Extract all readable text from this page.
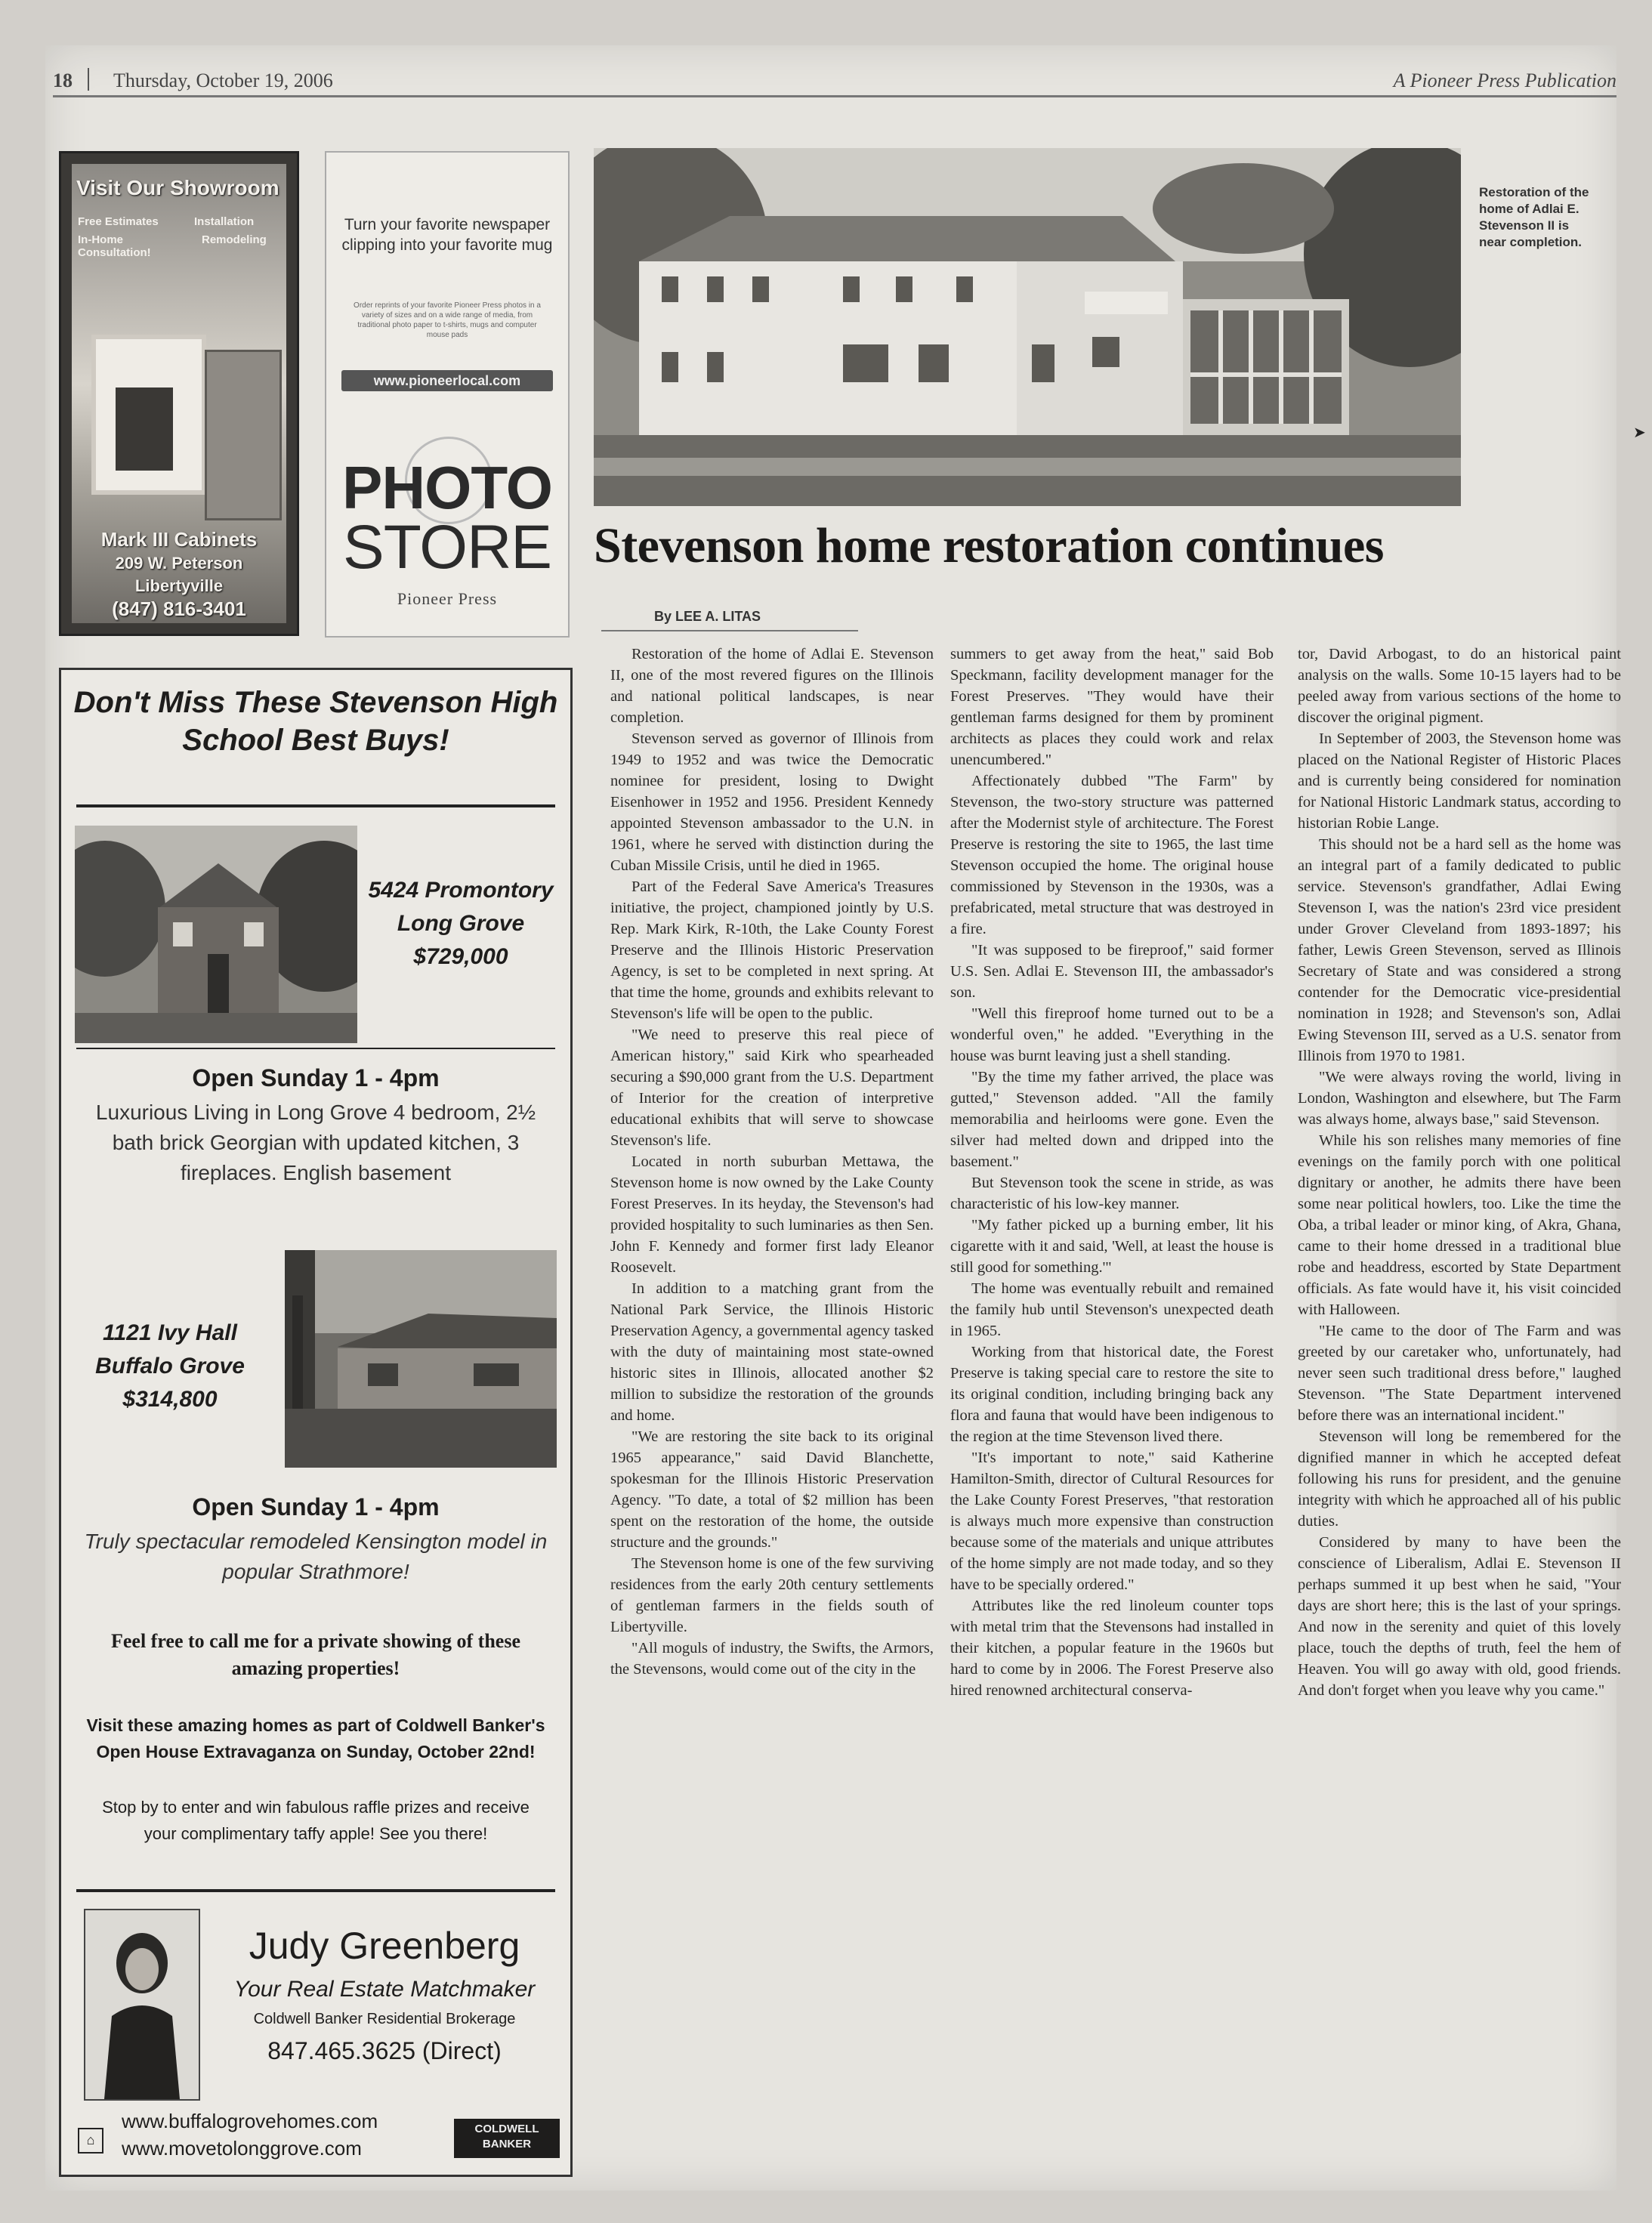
18 Thursday, October 19, 2006	A Pioneer Press Publication
Visit Our Showroom
Free Estimates	Installation
In-Home Consultation!
Remodeling
Mark III Cabinets
209 W. Peterson
Libertyville
(847) 816-3401
Turn your favorite newspaper clipping into your favorite mug
Order reprints of your favorite Pioneer Press photos in a variety of sizes and on a wide range of media, from traditional photo paper to t-shirts, mugs and computer mouse pads
www.pioneerlocal.com
PHOTO
STORE
Pioneer Press
Don't Miss These Stevenson High School Best Buys!
5424 Promontory
Long Grove
$729,000
Open Sunday 1 - 4pm
Luxurious Living in Long Grove 4 bedroom, 2½ bath brick Georgian with updated kitchen, 3 fireplaces. English basement
1121 Ivy Hall
Buffalo Grove
$314,800
Open Sunday 1 - 4pm
Truly spectacular remodeled Kensington model in popular Strathmore!
Feel free to call me for a private showing of these amazing properties!
Visit these amazing homes as part of Coldwell Banker's Open House Extravaganza on Sunday, October 22nd!
Stop by to enter and win fabulous raffle prizes and receive your complimentary taffy apple! See you there!
Judy Greenberg
Your Real Estate Matchmaker
Coldwell Banker Residential Brokerage
847.465.3625 (Direct)
www.buffalogrovehomes.com
www.movetolonggrove.com
⌂
COLDWELL BANKER
Restoration of the home of Adlai E. Stevenson II is near completion.
➤
Stevenson home restoration continues
By LEE A. LITAS

Restoration of the home of Adlai E. Stevenson II, one of the most revered figures on the Illinois and national political landscapes, is near completion.

Stevenson served as governor of Illinois from 1949 to 1952 and was twice the Democratic nominee for president, losing to Dwight Eisenhower in 1952 and 1956. President Kennedy appointed Stevenson ambassador to the U.N. in 1961, where he served with distinction during the Cuban Missile Crisis, until he died in 1965.

Part of the Federal Save America's Treasures initiative, the project, championed jointly by U.S. Rep. Mark Kirk, R-10th, the Lake County Forest Preserve and the Illinois Historic Preservation Agency, is set to be completed in next spring. At that time the home, grounds and exhibits relevant to Stevenson's life will be open to the public.

"We need to preserve this real piece of American history," said Kirk who spearheaded securing a $90,000 grant from the U.S. Department of Interior for the creation of interpretive educational exhibits that will serve to showcase Stevenson's life.

Located in north suburban Mettawa, the Stevenson home is now owned by the Lake County Forest Preserves. In its heyday, the Stevenson's had provided hospitality to such luminaries as then Sen. John F. Kennedy and former first lady Eleanor Roosevelt.

In addition to a matching grant from the National Park Service, the Illinois Historic Preservation Agency, a governmental agency tasked with the duty of maintaining most state-owned historic sites in Illinois, allocated another $2 million to subsidize the restoration of the grounds and home.

"We are restoring the site back to its original 1965 appearance," said David Blanchette, spokesman for the Illinois Historic Preservation Agency. "To date, a total of $2 million has been spent on the restoration of the home, the outside structure and the grounds."

The Stevenson home is one of the few surviving residences from the early 20th century settlements of gentleman farmers in the fields south of Libertyville.

"All moguls of industry, the Swifts, the Armors, the Stevensons, would come out of the city in the

summers to get away from the heat," said Bob Speckmann, facility development manager for the Forest Preserves. "They would have their gentleman farms designed for them by prominent architects as places they could work and relax unencumbered."

Affectionately dubbed "The Farm" by Stevenson, the two-story structure was patterned after the Modernist style of architecture. The Forest Preserve is restoring the site to 1965, the last time Stevenson occupied the home. The original house commissioned by Stevenson in the 1930s, was a prefabricated, metal structure that was destroyed in a fire.

"It was supposed to be fireproof," said former U.S. Sen. Adlai E. Stevenson III, the ambassador's son.

"Well this fireproof home turned out to be a wonderful oven," he added. "Everything in the house was burnt leaving just a shell standing.

"By the time my father arrived, the place was gutted," Stevenson added. "All the family memorabilia and heirlooms were gone. Even the silver had melted down and dripped into the basement."

But Stevenson took the scene in stride, as was characteristic of his low-key manner.

"My father picked up a burning ember, lit his cigarette with it and said, 'Well, at least the house is still good for something.'"

The home was eventually rebuilt and remained the family hub until Stevenson's unexpected death in 1965.

Working from that historical date, the Forest Preserve is taking special care to restore the site to its original condition, including bringing back any flora and fauna that would have been indigenous to the region at the time Stevenson lived there.

"It's important to note," said Katherine Hamilton-Smith, director of Cultural Resources for the Lake County Forest Preserves, "that restoration is always much more expensive than construction because some of the materials and unique attributes of the home simply are not made today, and so they have to be specially ordered."

Attributes like the red linoleum counter tops with metal trim that the Stevensons had installed in their kitchen, a popular feature in the 1960s but hard to come by in 2006. The Forest Preserve also hired renowned architectural conserva-

tor, David Arbogast, to do an historical paint analysis on the walls. Some 10-15 layers had to be peeled away from various sections of the home to discover the original pigment.

In September of 2003, the Stevenson home was placed on the National Register of Historic Places and is currently being considered for nomination for National Historic Landmark status, according to historian Robie Lange.

This should not be a hard sell as the home was an integral part of a family dedicated to public service. Stevenson's grandfather, Adlai Ewing Stevenson I, was the nation's 23rd vice president under Grover Cleveland from 1893-1897; his father, Lewis Green Stevenson, served as Illinois Secretary of State and was considered a strong contender for the Democratic vice-presidential nomination in 1928; and Stevenson's son, Adlai Ewing Stevenson III, served as a U.S. senator from Illinois from 1970 to 1981.

"We were always roving the world, living in London, Washington and elsewhere, but The Farm was always home, always base," said Stevenson.

While his son relishes many memories of fine evenings on the family porch with one political dignitary or another, he admits there have been some near political howlers, too. Like the time the Oba, a tribal leader or minor king, of Akra, Ghana, came to their home dressed in a traditional blue robe and headdress, escorted by State Department officials. As fate would have it, his visit coincided with Halloween.

"He came to the door of The Farm and was greeted by our caretaker who, unfortunately, had never seen such traditional dress before," laughed Stevenson. "The State Department intervened before there was an international incident."

Stevenson will long be remembered for the dignified manner in which he accepted defeat following his runs for president, and the genuine integrity with which he approached all of his public duties.

Considered by many to have been the conscience of Liberalism, Adlai E. Stevenson II perhaps summed it up best when he said, "Your days are short here; this is the last of your springs. And now in the serenity and quiet of this lovely place, touch the depths of truth, feel the hem of Heaven. You will go away with old, good friends. And don't forget when you leave why you came."
